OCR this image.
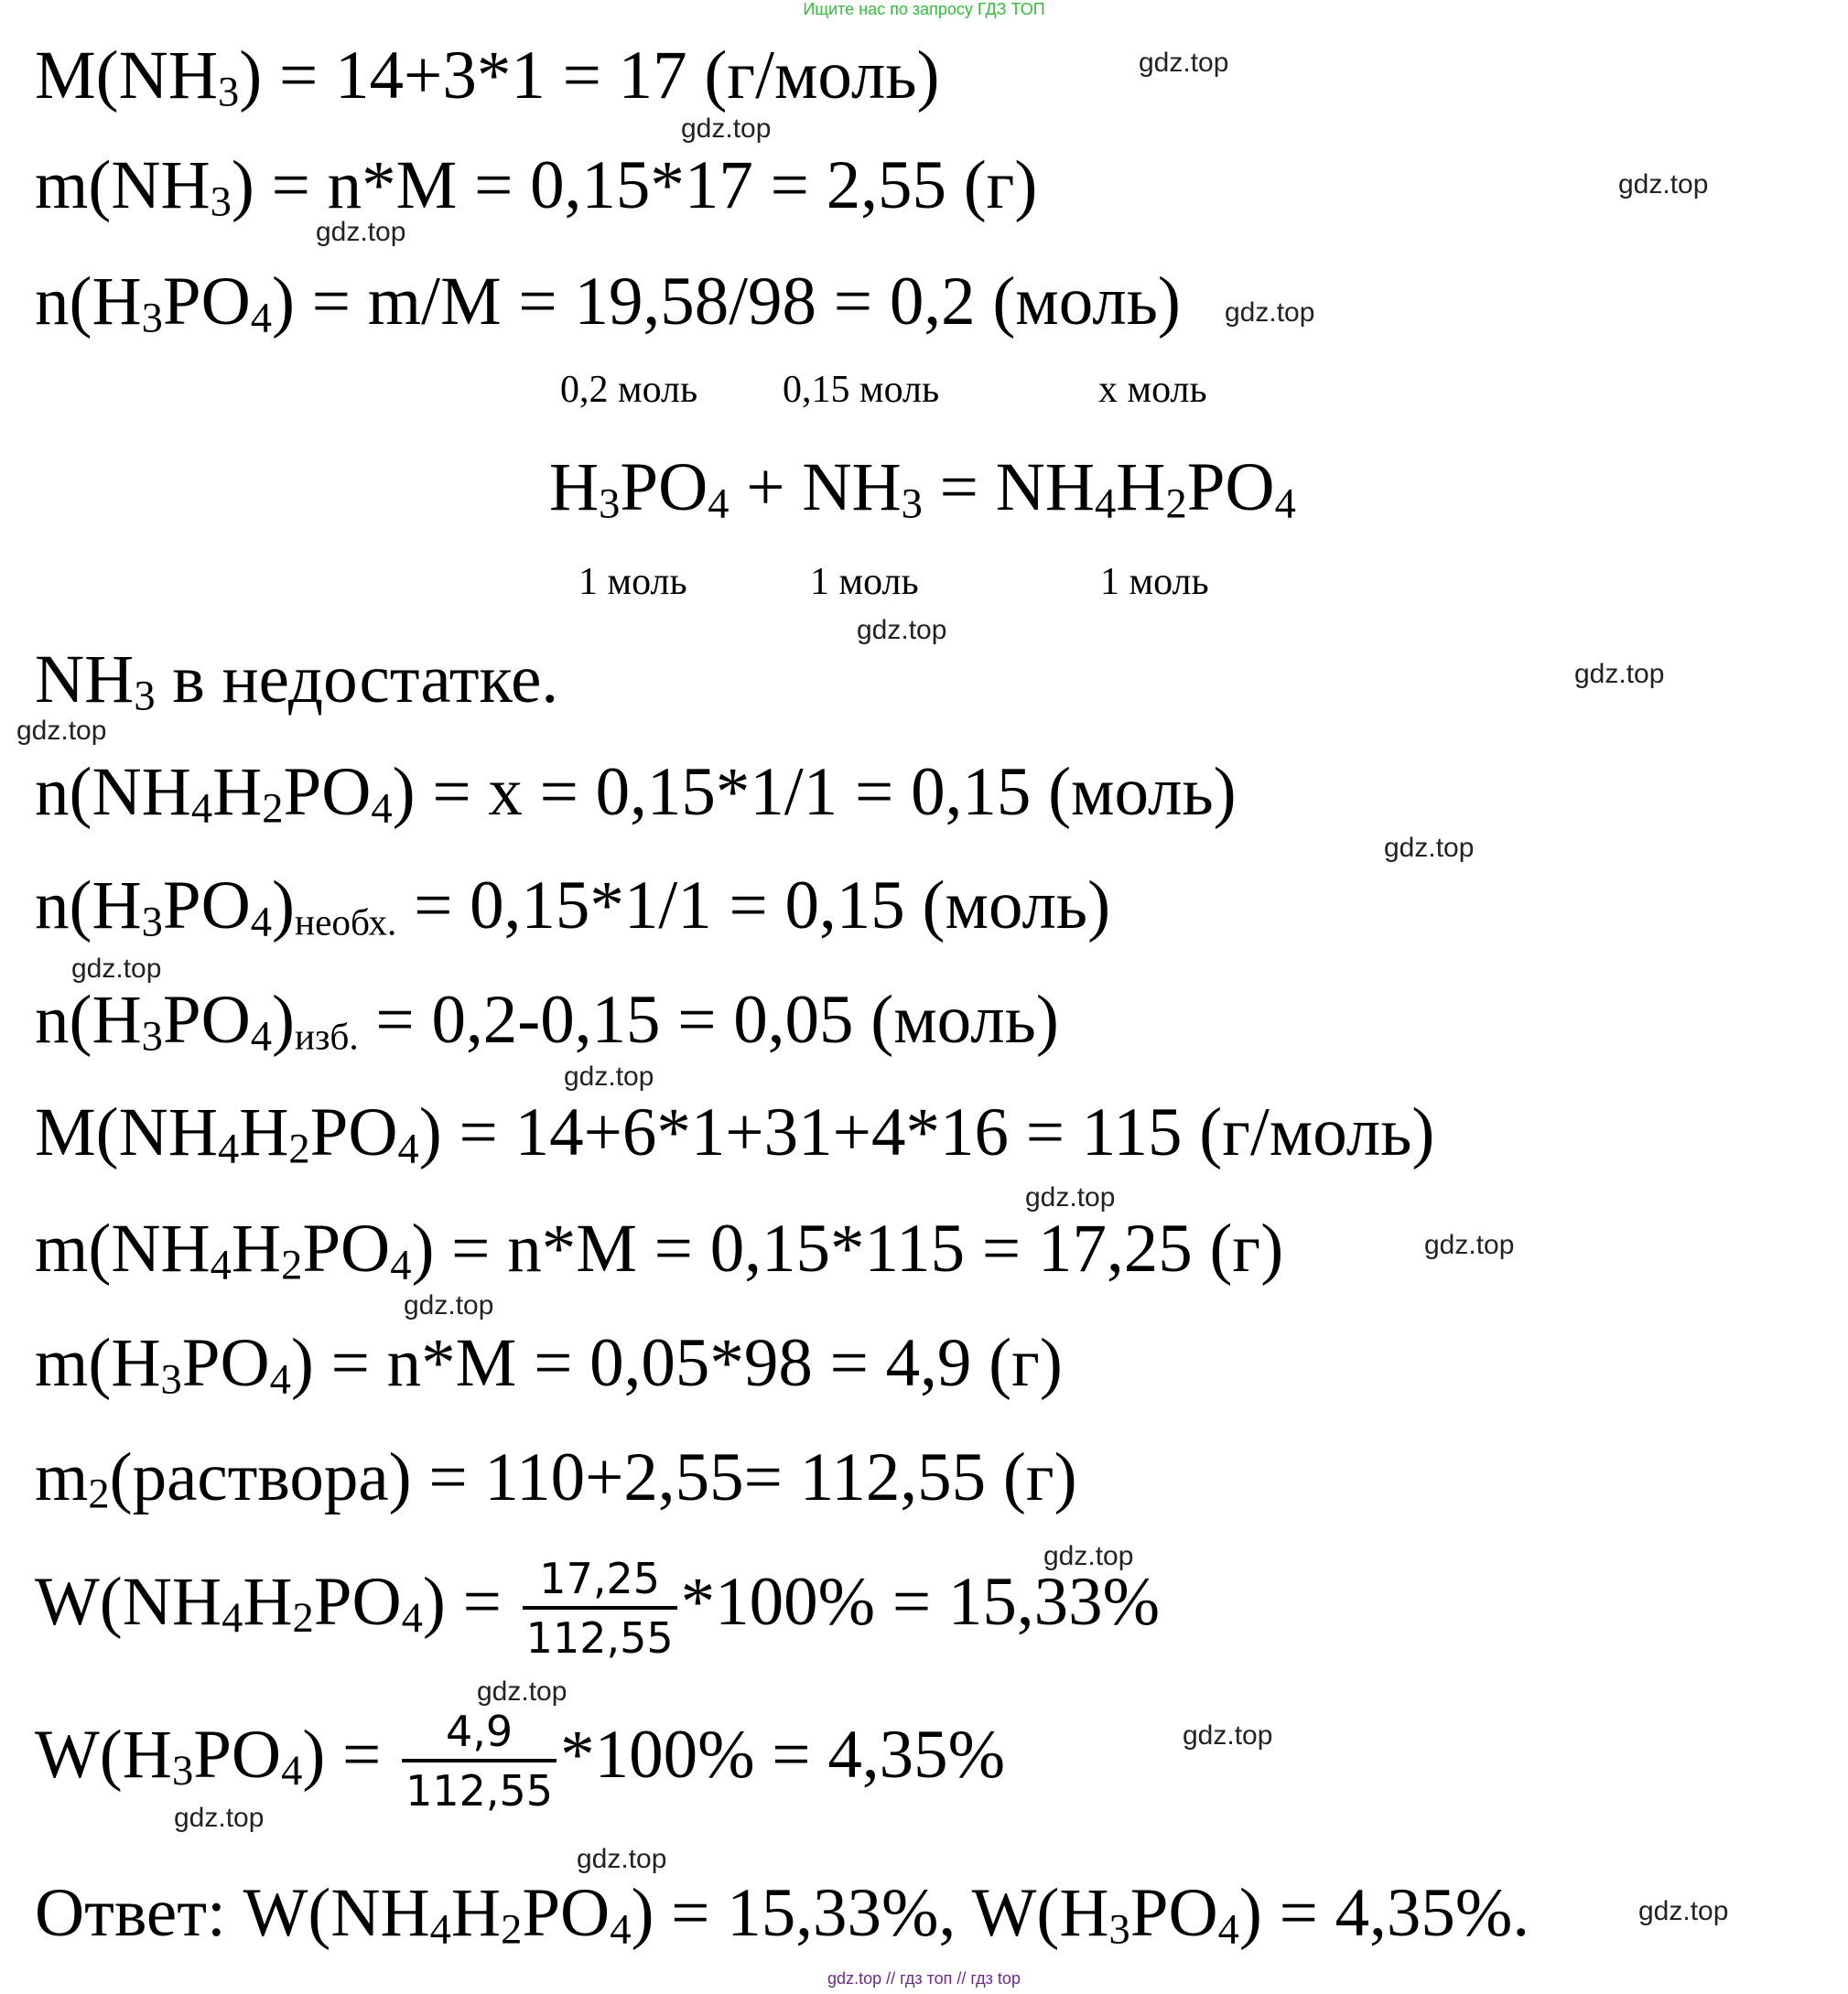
Ищите нас по запросу ГДЗ ТОП
$M(NH_3) = 14+3*1 = 17$ (г/моль)
$m(NH_3) = n*M = 0,15*17 = 2,55$ (г)
$n(H_3PO_4) = m/M = 19,58/98 = 0,2$ (моль)
0,2 моль 0,15 моль	x моль
$H_3PO_4 + NH_3 = NH_4H_2PO_4$
1 моль	1 моль	1 моль
$NH_3$ в недостатке.
$n(NH_4H_2PO_4) = x = 0,15*1/1 = 0,15$ (моль)
$n(H_3PO_4)_{необх.} = 0,15*1/1 = 0,15$ (моль)
$n(H_3PO_4)_{изб.} = 0,2-0,15 = 0,05$ (моль)
$M(NH_4H_2PO_4) = 14+6*1+31+4*16 = 115$ (г/моль)
$m(NH_4H_2PO_4) = n*M = 0,15*115 = 17,25$ (г)
$m(H_3PO_4) = n*M = 0,05*98 = 4,9$ (г)
$m_2(раствора) = 110+2,55= 112,55$ (г)
$W(NH_4H_2PO_4) = \frac{17,25}{112,55} *100\% = 15,33\%$
$W(H_3PO_4) = \frac{4,9}{112,55} *100\% = 4,35\%$
Ответ: $W(NH_4H_2PO_4) = 15,33\%$, $W(H_3PO_4) = 4,35\%$.
gdz.top
gdz.top
gdz.top
gdz.top
gdz.top
gdz.top
gdz.top
gdz.top
gdz.top
gdz.top
gdz.top
gdz.top
gdz.top
gdz.top
gdz.top
gdz.top
gdz.top
gdz.top
gdz.top
gdz.top
gdz.top // гдз топ // гдз top
